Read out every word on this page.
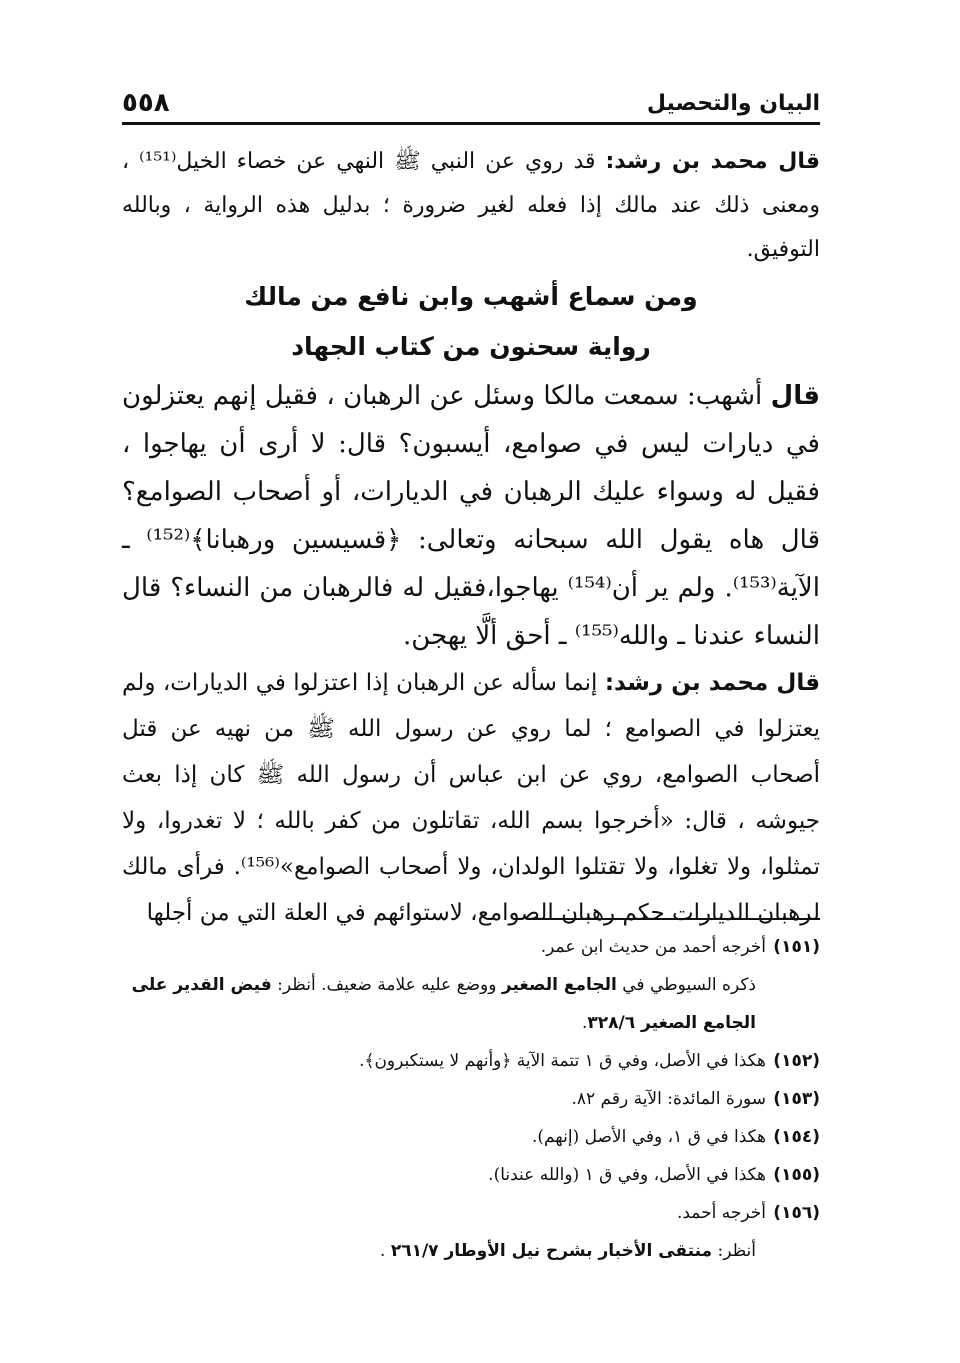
البيان والتحصيل
٥٥٨

قال محمد بن رشد: قد روي عن النبي ﷺ النهي عن خصاء الخيل⁽¹⁵¹⁾ ، ومعنى ذلك عند مالك إذا فعله لغير ضرورة ؛ بدليل هذه الرواية ، وبالله التوفيق.

ومن سماع أشهب وابن نافع من مالك

رواية سحنون من كتاب الجهاد

قال أشهب: سمعت مالكا وسئل عن الرهبان ، فقيل إنهم يعتزلون في ديارات ليس في صوامع، أيسبون؟ قال: لا أرى أن يهاجوا ، فقيل له وسواء عليك الرهبان في الديارات، أو أصحاب الصوامع؟ قال هاه يقول الله سبحانه وتعالى: ﴿قسيسين ورهبانا﴾⁽¹⁵²⁾ ـ الآية⁽¹⁵³⁾. ولم ير أن⁽¹⁵⁴⁾ يهاجوا،فقيل له فالرهبان من النساء؟ قال النساء عندنا ـ والله⁽¹⁵⁵⁾ ـ أحق ألَّا يهجن.

قال محمد بن رشد: إنما سأله عن الرهبان إذا اعتزلوا في الديارات، ولم يعتزلوا في الصوامع ؛ لما روي عن رسول الله ﷺ من نهيه عن قتل أصحاب الصوامع، روي عن ابن عباس أن رسول الله ﷺ كان إذا بعث جيوشه ، قال: «أخرجوا بسم الله، تقاتلون من كفر بالله ؛ لا تغدروا، ولا تمثلوا، ولا تغلوا، ولا تقتلوا الولدان، ولا أصحاب الصوامع»⁽¹⁵⁶⁾. فرأى مالك لرهبان الديارات حكم رهبان الصوامع، لاستوائهم في العلة التي من أجلها

(١٥١)
أخرجه أحمد من حديث ابن عمر.
ذكره السيوطي في الجامع الصغير ووضع عليه علامة ضعيف. أنظر: فيض القدير على الجامع الصغير ٣٢٨/٦.
(١٥٢)
هكذا في الأصل، وفي ق ١ تتمة الآية ﴿وأنهم لا يستكبرون﴾.
(١٥٣)
سورة المائدة: الآية رقم ٨٢.
(١٥٤)
هكذا في ق ١، وفي الأصل (إنهم).
(١٥٥)
هكذا في الأصل، وفي ق ١ (والله عندنا).
(١٥٦)
أخرجه أحمد.
أنظر: منتقى الأخبار بشرح نيل الأوطار ٢٦١/٧ .
